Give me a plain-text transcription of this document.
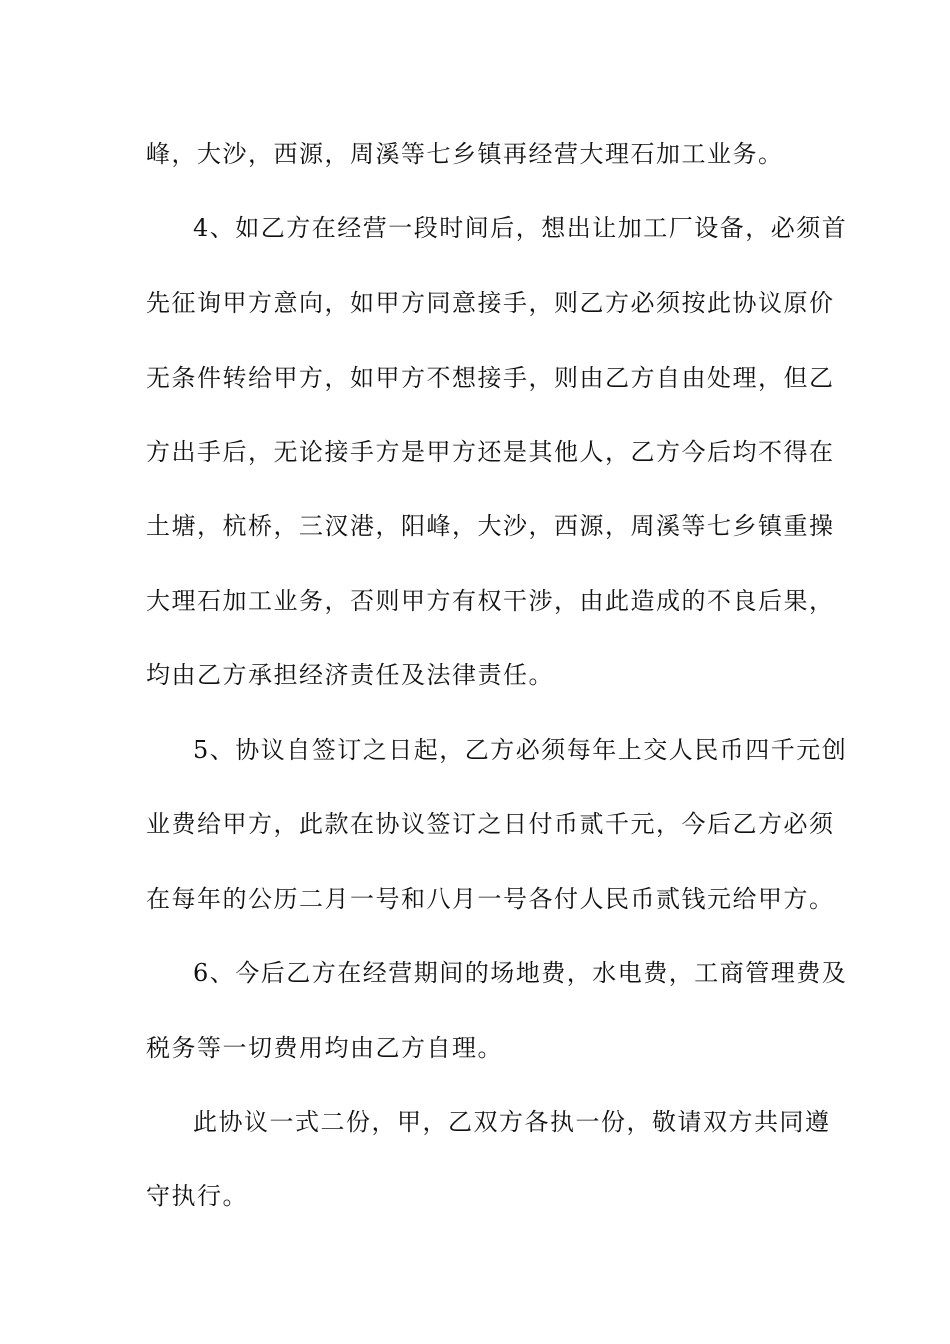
峰，大沙，西源，周溪等七乡镇再经营大理石加工业务。
4、如乙方在经营一段时间后，想出让加工厂设备，必须首
先征询甲方意向，如甲方同意接手，则乙方必须按此协议原价
无条件转给甲方，如甲方不想接手，则由乙方自由处理，但乙
方出手后，无论接手方是甲方还是其他人，乙方今后均不得在
土塘，杭桥，三汊港，阳峰，大沙，西源，周溪等七乡镇重操
大理石加工业务，否则甲方有权干涉，由此造成的不良后果，
均由乙方承担经济责任及法律责任。
5、协议自签订之日起，乙方必须每年上交人民币四千元创
业费给甲方，此款在协议签订之日付币贰千元，今后乙方必须
在每年的公历二月一号和八月一号各付人民币贰钱元给甲方。
6、今后乙方在经营期间的场地费，水电费，工商管理费及
税务等一切费用均由乙方自理。
此协议一式二份，甲，乙双方各执一份，敬请双方共同遵
守执行。
